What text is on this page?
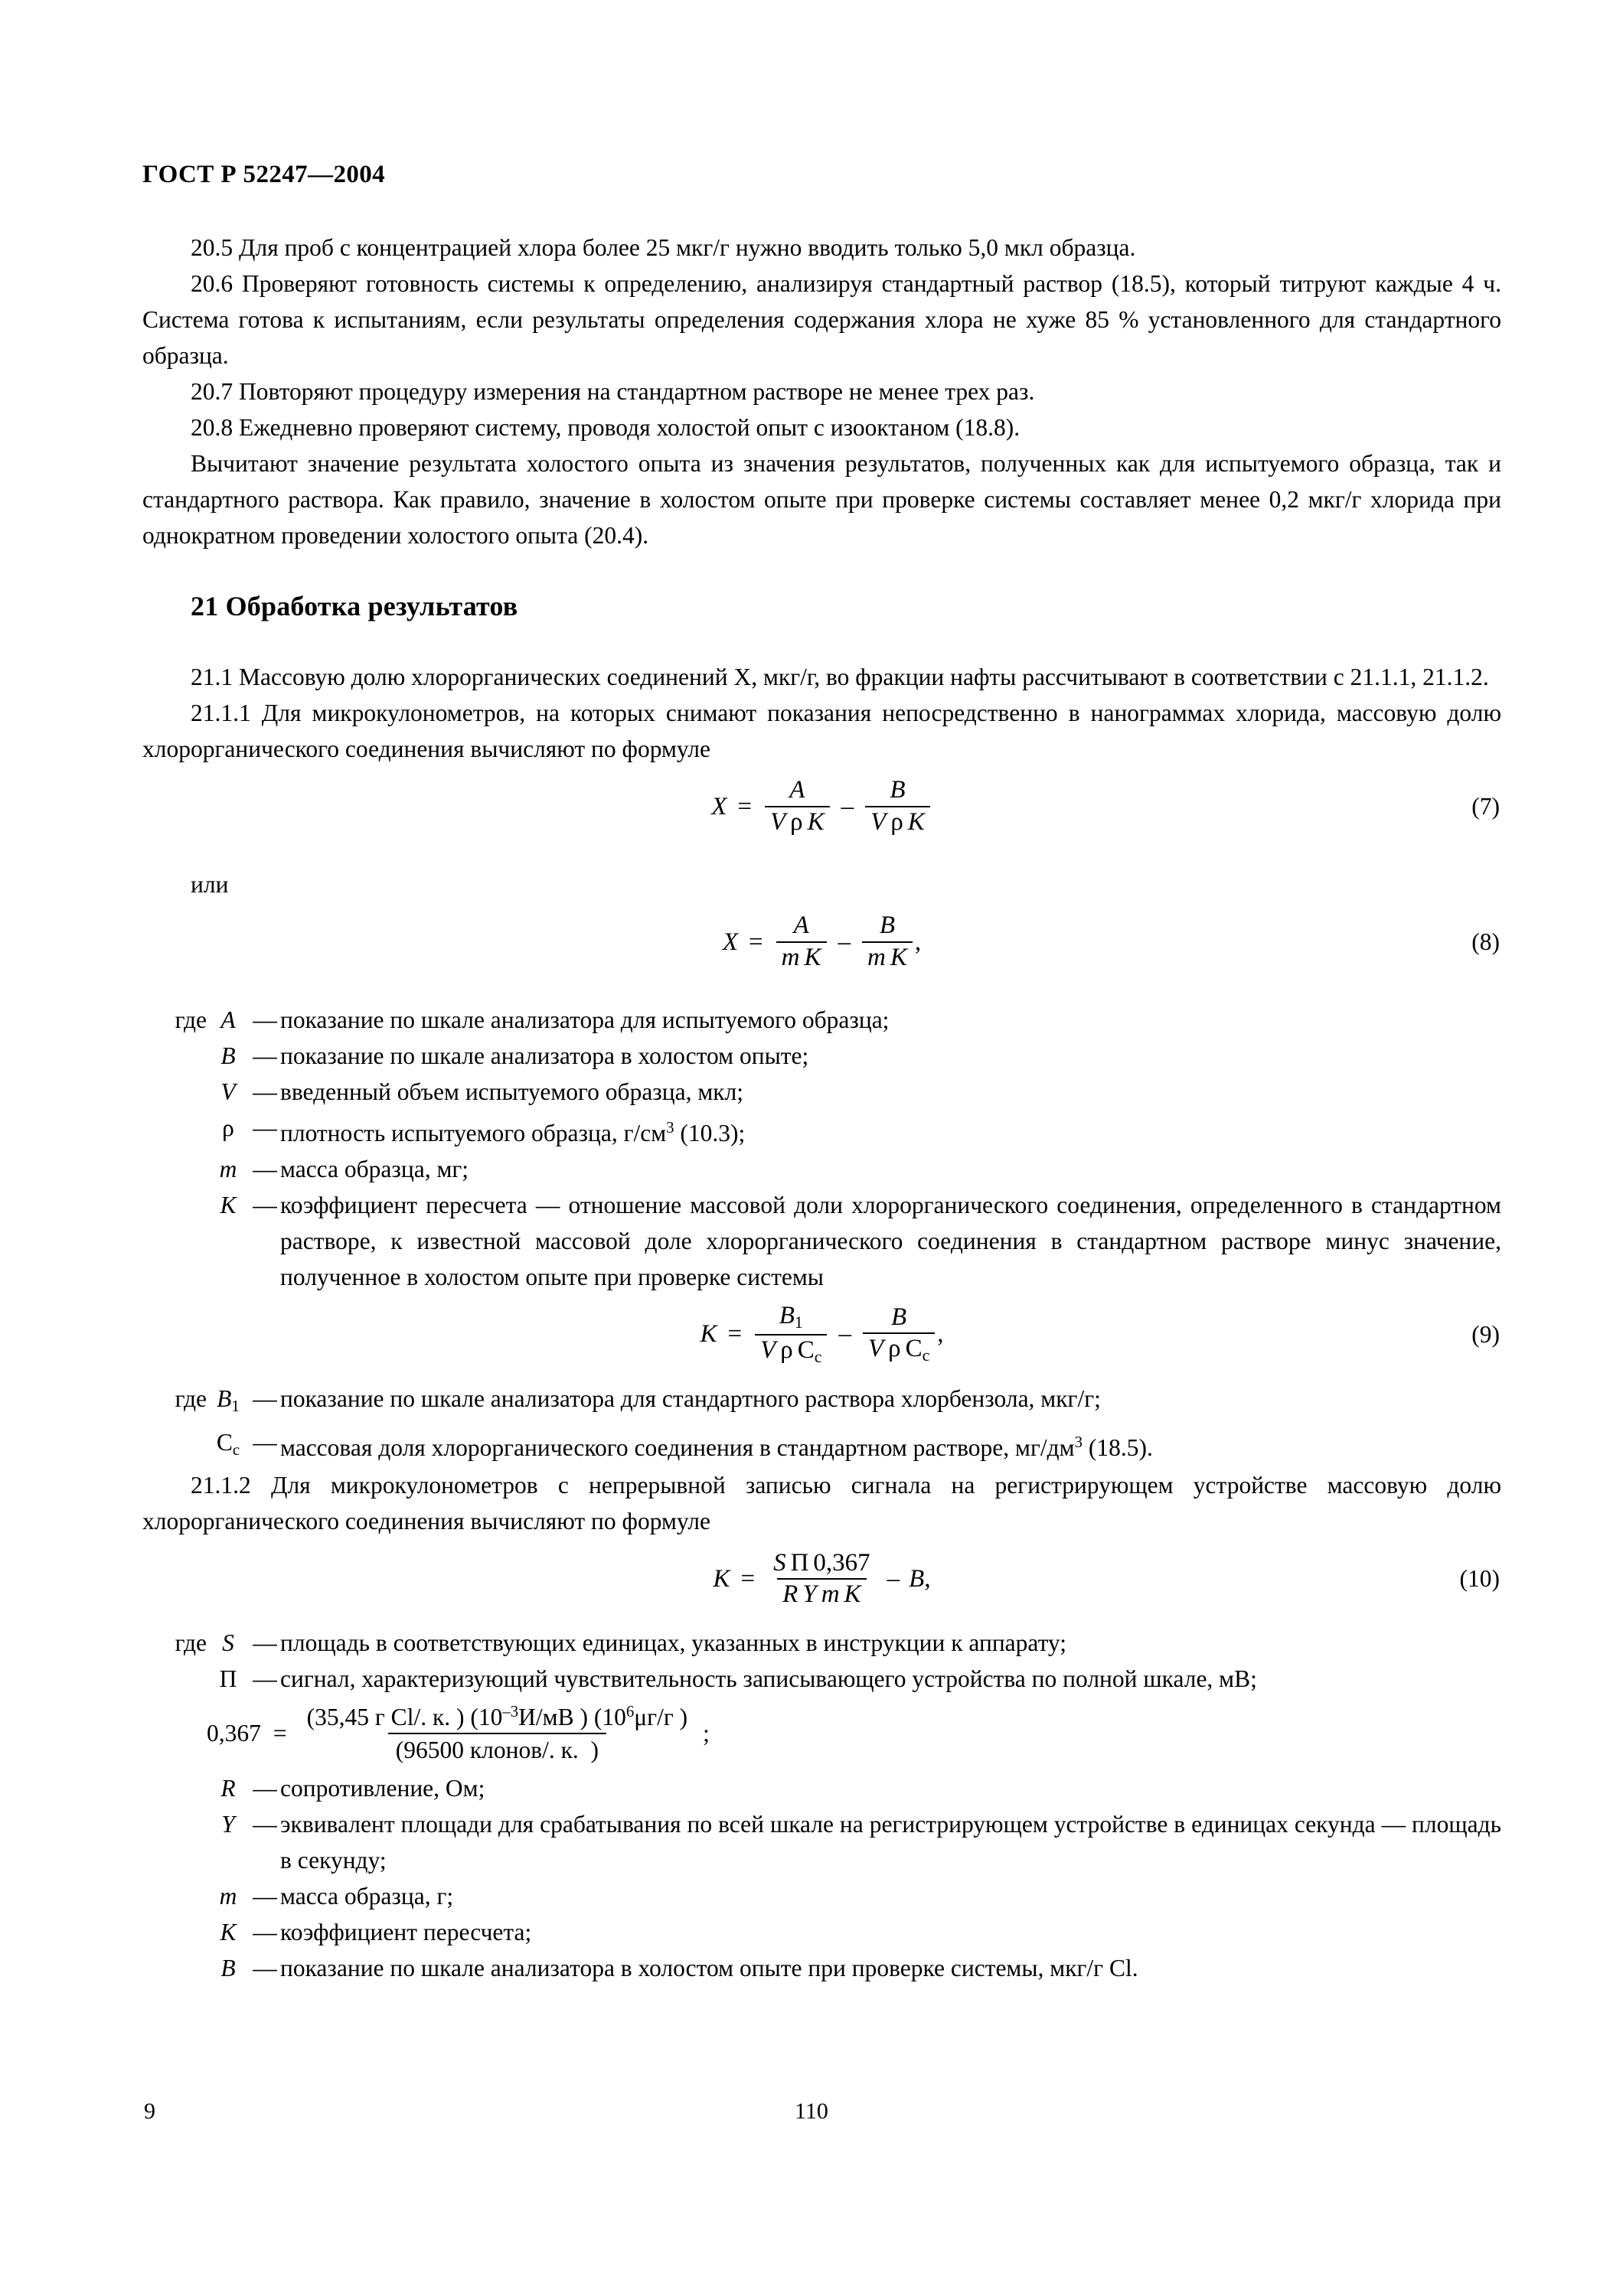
ГОСТ Р 52247—2004

20.5 Для проб с концентрацией хлора более 25 мкг/г нужно вводить только 5,0 мкл образца.

20.6 Проверяют готовность системы к определению, анализируя стандартный раствор (18.5), который титруют каждые 4 ч. Система готова к испытаниям, если результаты определения содержания хлора не хуже 85 % установленного для стандартного образца.

20.7 Повторяют процедуру измерения на стандартном растворе не менее трех раз.

20.8 Ежедневно проверяют систему, проводя холостой опыт с изооктаном (18.8).

Вычитают значение результата холостого опыта из значения результатов, полученных как для испытуемого образца, так и стандартного раствора. Как правило, значение в холостом опыте при проверке системы составляет менее 0,2 мкг/г хлорида при однократном проведении холостого опыта (20.4).

21 Обработка результатов

21.1 Массовую долю хлорорганических соединений X, мкг/г, во фракции нафты рассчитывают в соответствии с 21.1.1, 21.1.2.

21.1.1 Для микрокулонометров, на которых снимают показания непосредственно в нанограммах хлорида, массовую долю хлорорганического соединения вычисляют по формуле

$X = \frac{A}{\text{V ρ K}} - \frac{B}{\text{V ρ K}}$	(7)
или
$X = \frac{A}{\text{m K}} - \frac{B}{\text{m K}}$ ,	(8)
где A — показание по шкале анализатора для испытуемого образца;
B — показание по шкале анализатора в холостом опыте;
V — введенный объем испытуемого образца, мкл;
ρ — плотность испытуемого образца, $г/см^3$ (10.3);
m — масса образца, мг;
K — коэффициент пересчета — отношение массовой доли хлорорганического соединения, определенного в стандартном растворе, к известной массовой доле хлорорганического соединения в стандартном растворе минус значение, полученное в холостом опыте при проверке системы
$K = \frac{B_1}{V \rho C_с} - \frac{B}{V \rho C_с}$ ,	(9)
где $B_1$ — показание по шкале анализатора для стандартного раствора хлорбензола, мкг/г;
$C_с$ — массовая доля хлорорганического соединения в стандартном растворе, $мг/дм^3$ (18.5).

21.1.2 Для микрокулонометров с непрерывной записью сигнала на регистрирующем устройстве массовую долю хлорорганического соединения вычисляют по формуле

$K = \frac{\text{S П 0,367}}{\text{R Y m K}} - B$ ,	(10)
где S — площадь в соответствующих единицах, указанных в инструкции к аппарату;
П — сигнал, характеризующий чувствительность записывающего устройства по полной шкале, мВ;
$0,367 = \frac{(35,45 г Cl/. к. ) (10^{-3}И/мВ ) (10^6\mu г/г )}{\text{(96500 клонов/. к. )}}$ ;
R — сопротивление, Ом;
Y — эквивалент площади для срабатывания по всей шкале на регистрирующем устройстве в единицах секунда — площадь в секунду;
m — масса образца, г;
K — коэффициент пересчета;
B — показание по шкале анализатора в холостом опыте при проверке системы, мкг/г Cl.
9	110
